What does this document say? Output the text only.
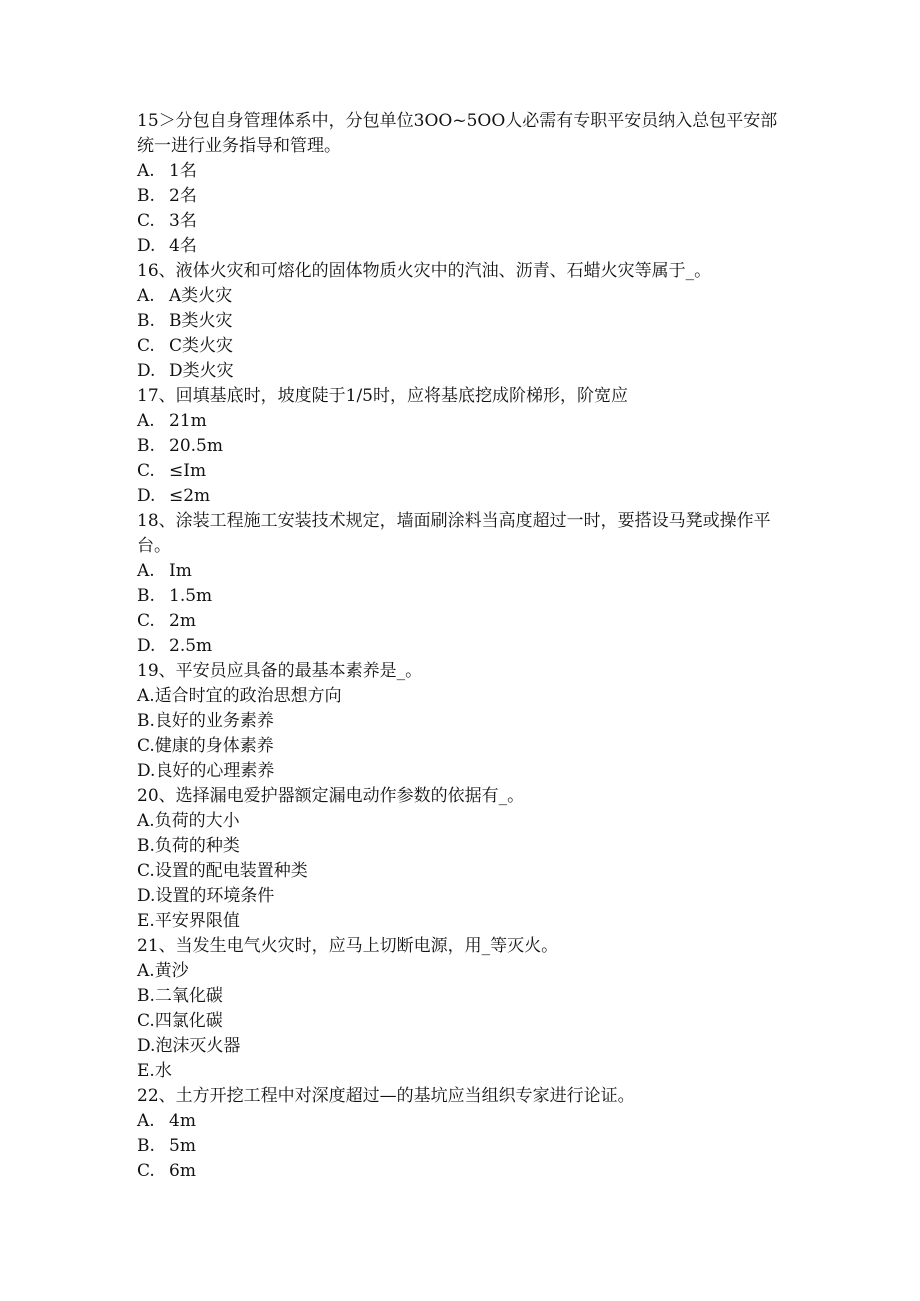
15＞分包自身管理体系中，分包单位3OO~5OO人必需有专职平安员纳入总包平安部统一进行业务指导和管理。
A. 1名
B. 2名
C. 3名
D. 4名
16、液体火灾和可熔化的固体物质火灾中的汽油、沥青、石蜡火灾等属于_。
A. A类火灾
B. B类火灾
C. C类火灾
D. D类火灾
17、回填基底时，坡度陡于1/5时，应将基底挖成阶梯形，阶宽应
A. 21m
B. 20.5m
C. ≤Im
D. ≤2m
18、涂装工程施工安装技术规定，墙面刷涂料当高度超过一时，要搭设马凳或操作平台。
A. Im
B. 1.5m
C. 2m
D. 2.5m
19、平安员应具备的最基本素养是_。
A.适合时宜的政治思想方向
B.良好的业务素养
C.健康的身体素养
D.良好的心理素养
20、选择漏电爱护器额定漏电动作参数的依据有_。
A.负荷的大小
B.负荷的种类
C.设置的配电装置种类
D.设置的环境条件
E.平安界限值
21、当发生电气火灾时，应马上切断电源，用_等灭火。
A.黄沙
B.二氧化碳
C.四氯化碳
D.泡沫灭火器
E.水
22、土方开挖工程中对深度超过—的基坑应当组织专家进行论证。
A. 4m
B. 5m
C. 6m
